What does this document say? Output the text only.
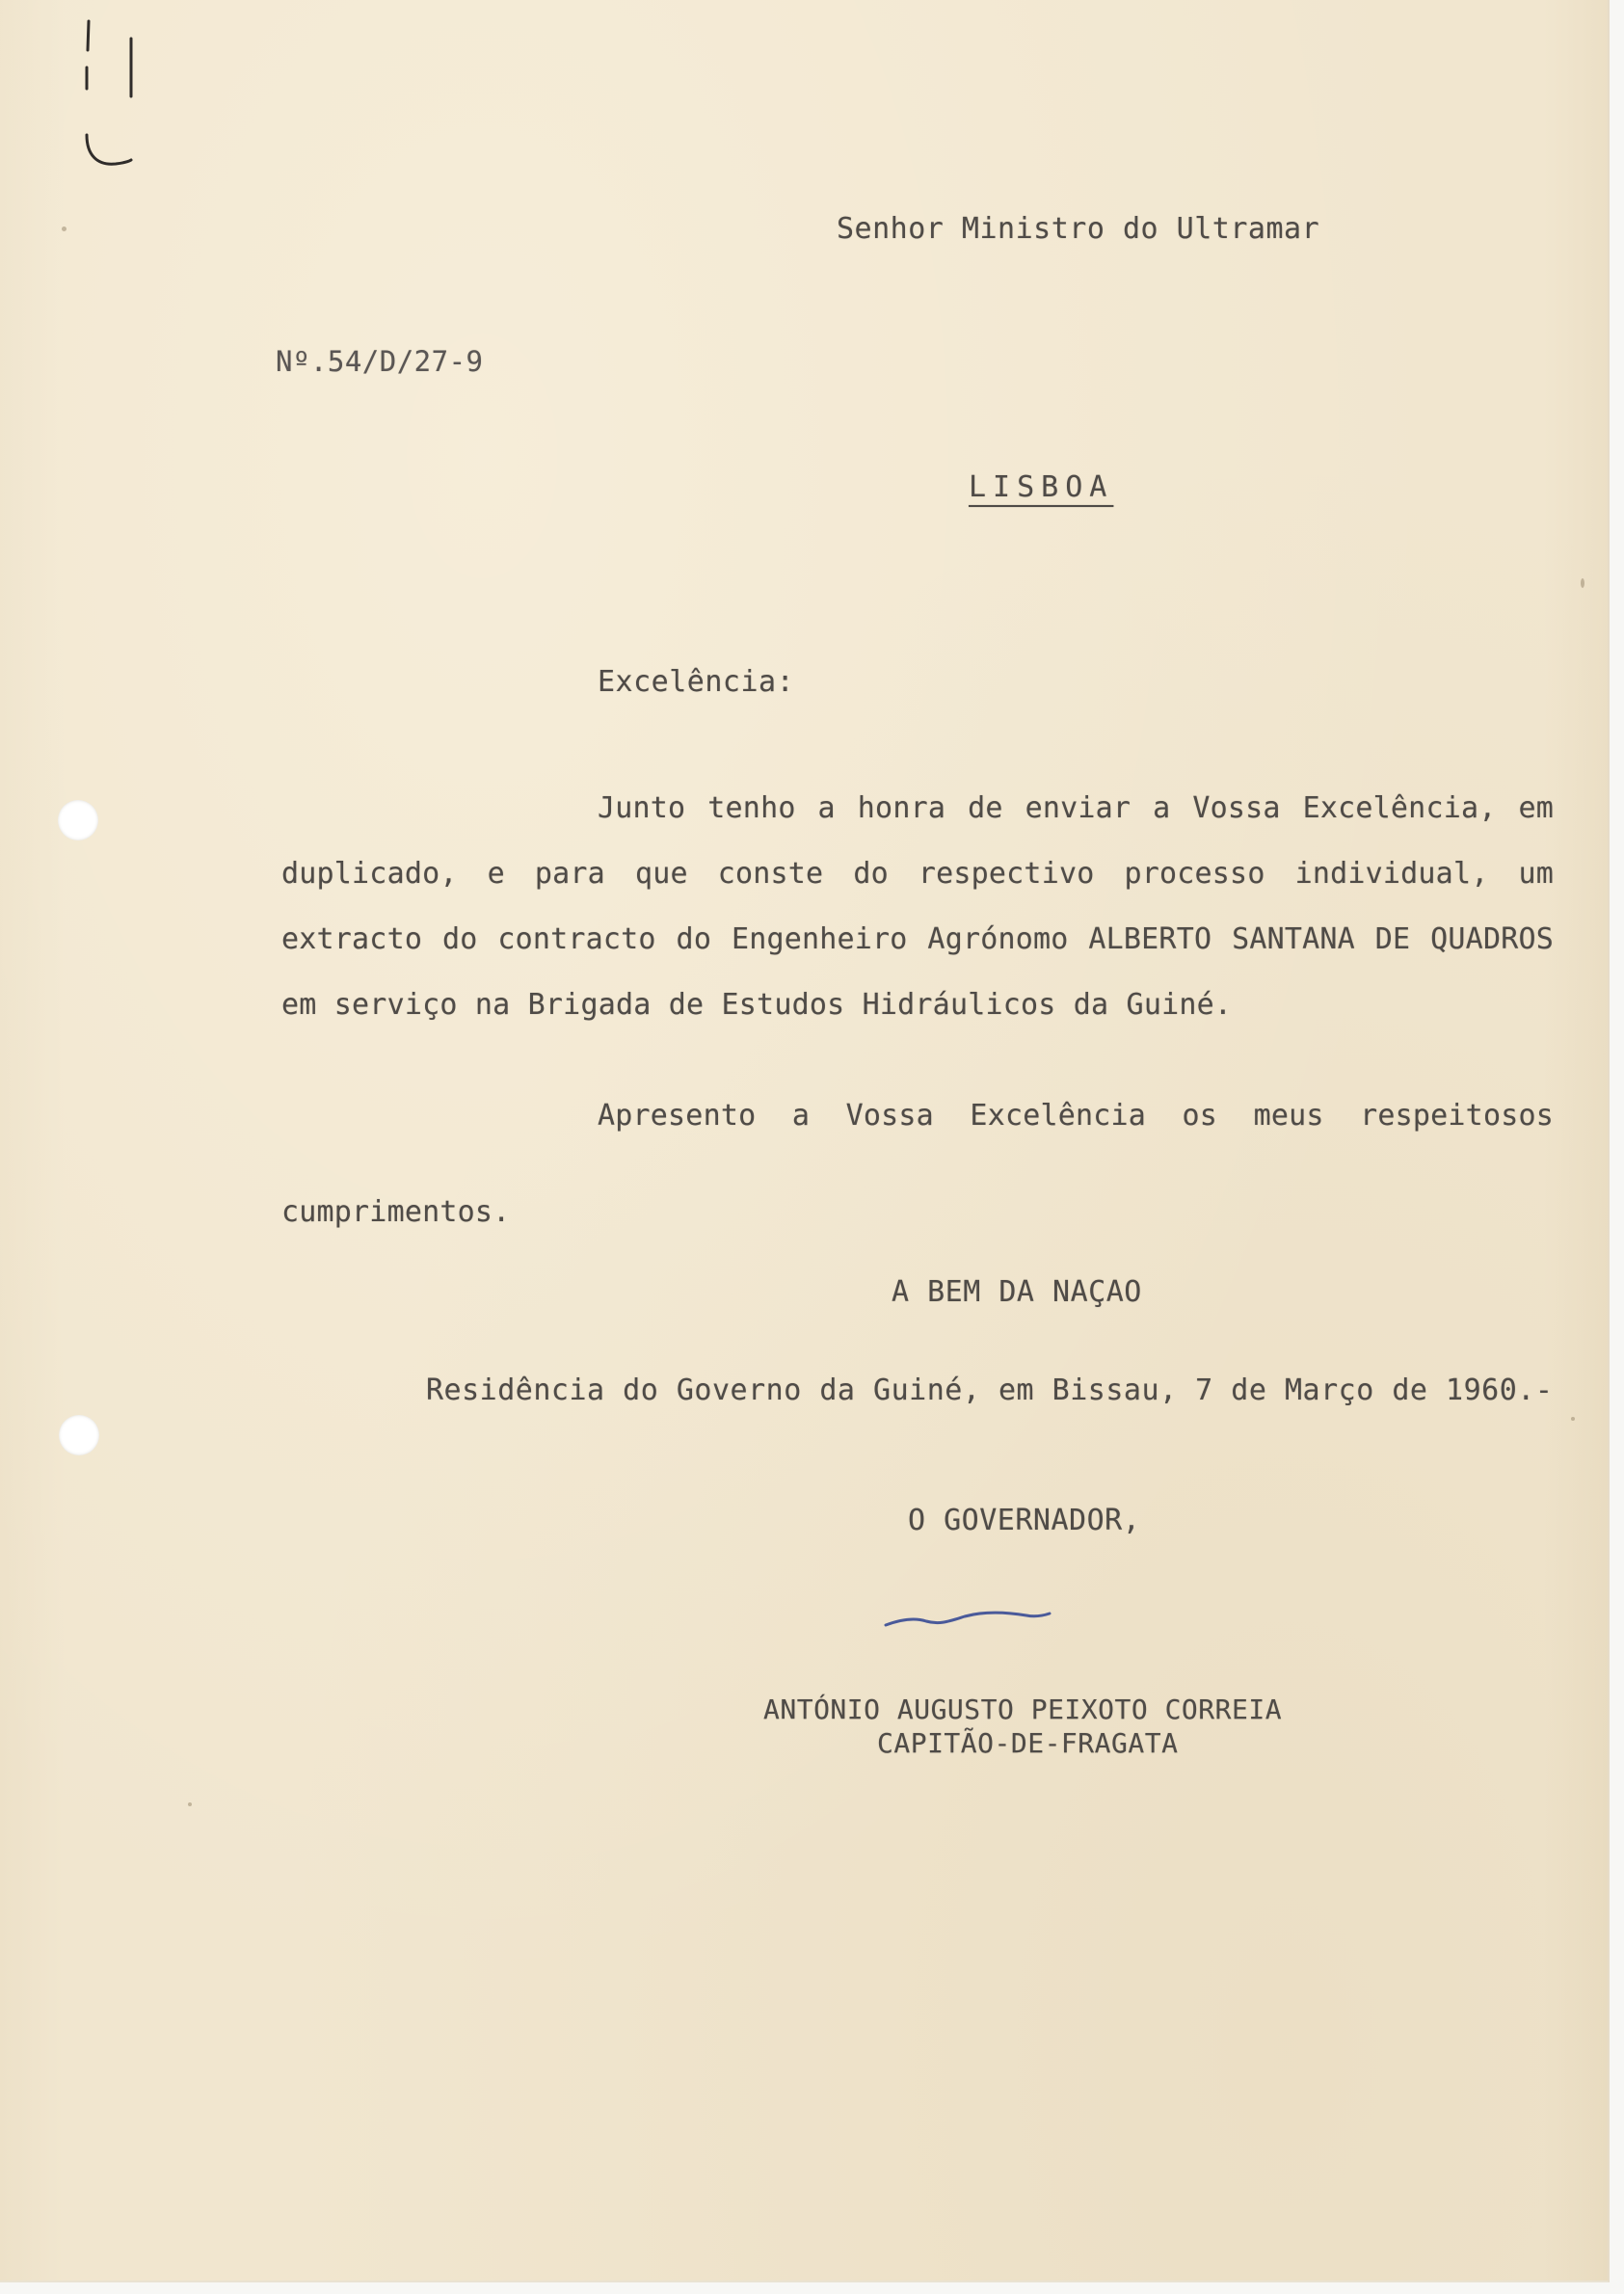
Senhor Ministro do Ultramar
Nº.54/D/27-9
LISBOA
Excelência:
Junto tenho a honra de enviar a Vossa Excelência, em duplicado, e para que conste do respectivo processo individual, um extracto do contracto do Engenheiro Agrónomo ALBERTO SANTANA DE QUADROS em serviço na Brigada de Estudos Hidráulicos da Guiné.
Apresento a Vossa Excelência os meus respeitosos cumprimentos.
A BEM DA NAÇAO
Residência do Governo da Guiné, em Bissau, 7 de Março de 1960.-
O GOVERNADOR,
ANTÓNIO AUGUSTO PEIXOTO CORREIA
CAPITÃO-DE-FRAGATA
